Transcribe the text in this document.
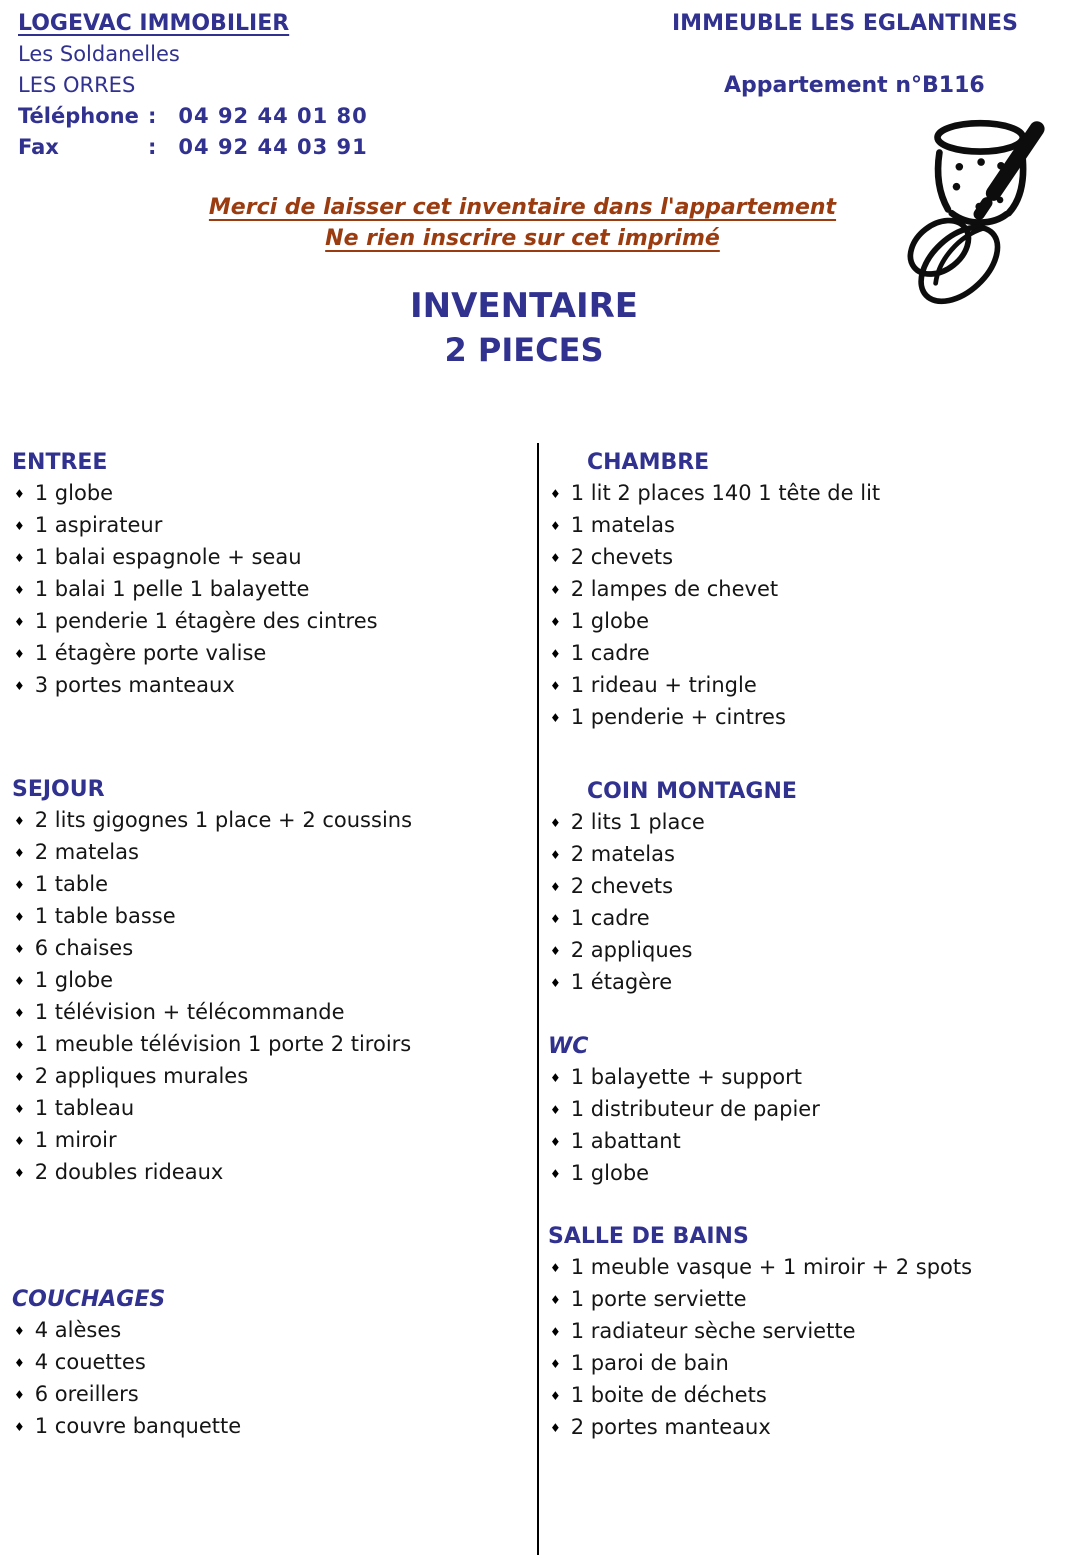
LOGEVAC IMMOBILIER
Les Soldanelles
LES ORRES
Téléphone : 04 92 44 01 80
Fax	: 04 92 44 03 91
IMMEUBLE LES EGLANTINES
Appartement n°B116
Merci de laisser cet inventaire dans l'appartement
Ne rien inscrire sur cet imprimé
INVENTAIRE
2 PIECES
ENTREE
♦ 1 globe
♦ 1 aspirateur
♦ 1 balai espagnole + seau
♦ 1 balai 1 pelle 1 balayette
♦ 1 penderie 1 étagère des cintres
♦ 1 étagère porte valise
♦ 3 portes manteaux
SEJOUR
♦ 2 lits gigognes 1 place + 2 coussins
♦ 2 matelas
♦ 1 table
♦ 1 table basse
♦ 6 chaises
♦ 1 globe
♦ 1 télévision + télécommande
♦ 1 meuble télévision 1 porte 2 tiroirs
♦ 2 appliques murales
♦ 1 tableau
♦ 1 miroir
♦ 2 doubles rideaux
COUCHAGES
♦ 4 alèses
♦ 4 couettes
♦ 6 oreillers
♦ 1 couvre banquette
CHAMBRE
♦ 1 lit 2 places 140 1 tête de lit
♦ 1 matelas
♦ 2 chevets
♦ 2 lampes de chevet
♦ 1 globe
♦ 1 cadre
♦ 1 rideau + tringle
♦ 1 penderie + cintres
COIN MONTAGNE
♦ 2 lits 1 place
♦ 2 matelas
♦ 2 chevets
♦ 1 cadre
♦ 2 appliques
♦ 1 étagère
WC
♦ 1 balayette + support
♦ 1 distributeur de papier
♦ 1 abattant
♦ 1 globe
SALLE DE BAINS
♦ 1 meuble vasque + 1 miroir + 2 spots
♦ 1 porte serviette
♦ 1 radiateur sèche serviette
♦ 1 paroi de bain
♦ 1 boite de déchets
♦ 2 portes manteaux
